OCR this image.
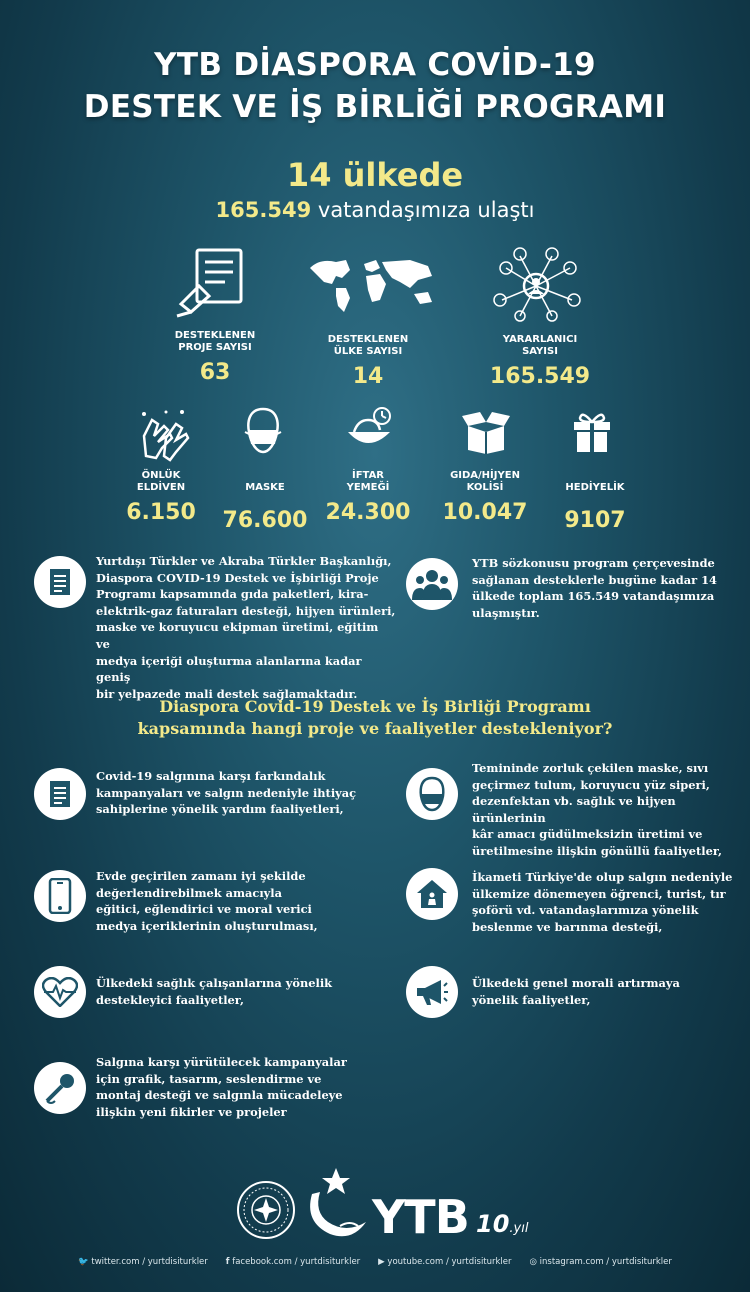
YTB DİASPORA COVİD-19
DESTEK VE İŞ BİRLİĞİ PROGRAMI
14 ülkede
165.549 vatandaşımıza ulaştı
DESTEKLENEN
PROJE SAYISI
63
DESTEKLENEN
ÜLKE SAYISI
14
YARARLANICI
SAYISI
165.549
ÖNLÜK
ELDİVEN
6.150
MASKE
76.600
İFTAR
YEMEĞİ
24.300
GIDA/HİJYEN
KOLİSİ
10.047
HEDİYELİK
9107
Yurtdışı Türkler ve Akraba Türkler Başkanlığı,
Diaspora COVID-19 Destek ve İşbirliği Proje
Programı kapsamında gıda paketleri, kira-
elektrik-gaz faturaları desteği, hijyen ürünleri,
maske ve koruyucu ekipman üretimi, eğitim ve
medya içeriği oluşturma alanlarına kadar geniş
bir yelpazede mali destek sağlamaktadır.
YTB sözkonusu program çerçevesinde
sağlanan desteklerle bugüne kadar 14
ülkede toplam 165.549 vatandaşımıza
ulaşmıştır.
Diaspora Covid-19 Destek ve İş Birliği Programı
kapsamında hangi proje ve faaliyetler destekleniyor?
Covid-19 salgınına karşı farkındalık
kampanyaları ve salgın nedeniyle ihtiyaç
sahiplerine yönelik yardım faaliyetleri,
Evde geçirilen zamanı iyi şekilde
değerlendirebilmek amacıyla
eğitici, eğlendirici ve moral verici
medya içeriklerinin oluşturulması,
Ülkedeki sağlık çalışanlarına yönelik
destekleyici faaliyetler,
Salgına karşı yürütülecek kampanyalar
için grafik, tasarım, seslendirme ve
montaj desteği ve salgınla mücadeleye
ilişkin yeni fikirler ve projeler
Temininde zorluk çekilen maske, sıvı
geçirmez tulum, koruyucu yüz siperi,
dezenfektan vb. sağlık ve hijyen ürünlerinin
kâr amacı güdülmeksizin üretimi ve
üretilmesine ilişkin gönüllü faaliyetler,
İkameti Türkiye'de olup salgın nedeniyle
ülkemize dönemeyen öğrenci, turist, tır
şoförü vd. vatandaşlarımıza yönelik
beslenme ve barınma desteği,
Ülkedeki genel morali artırmaya
yönelik faaliyetler,
YTB 10.yıl
🐦 twitter.com / yurtdisiturkler f facebook.com / yurtdisiturkler ▶ youtube.com / yurtdisiturkler ◎ instagram.com / yurtdisiturkler
